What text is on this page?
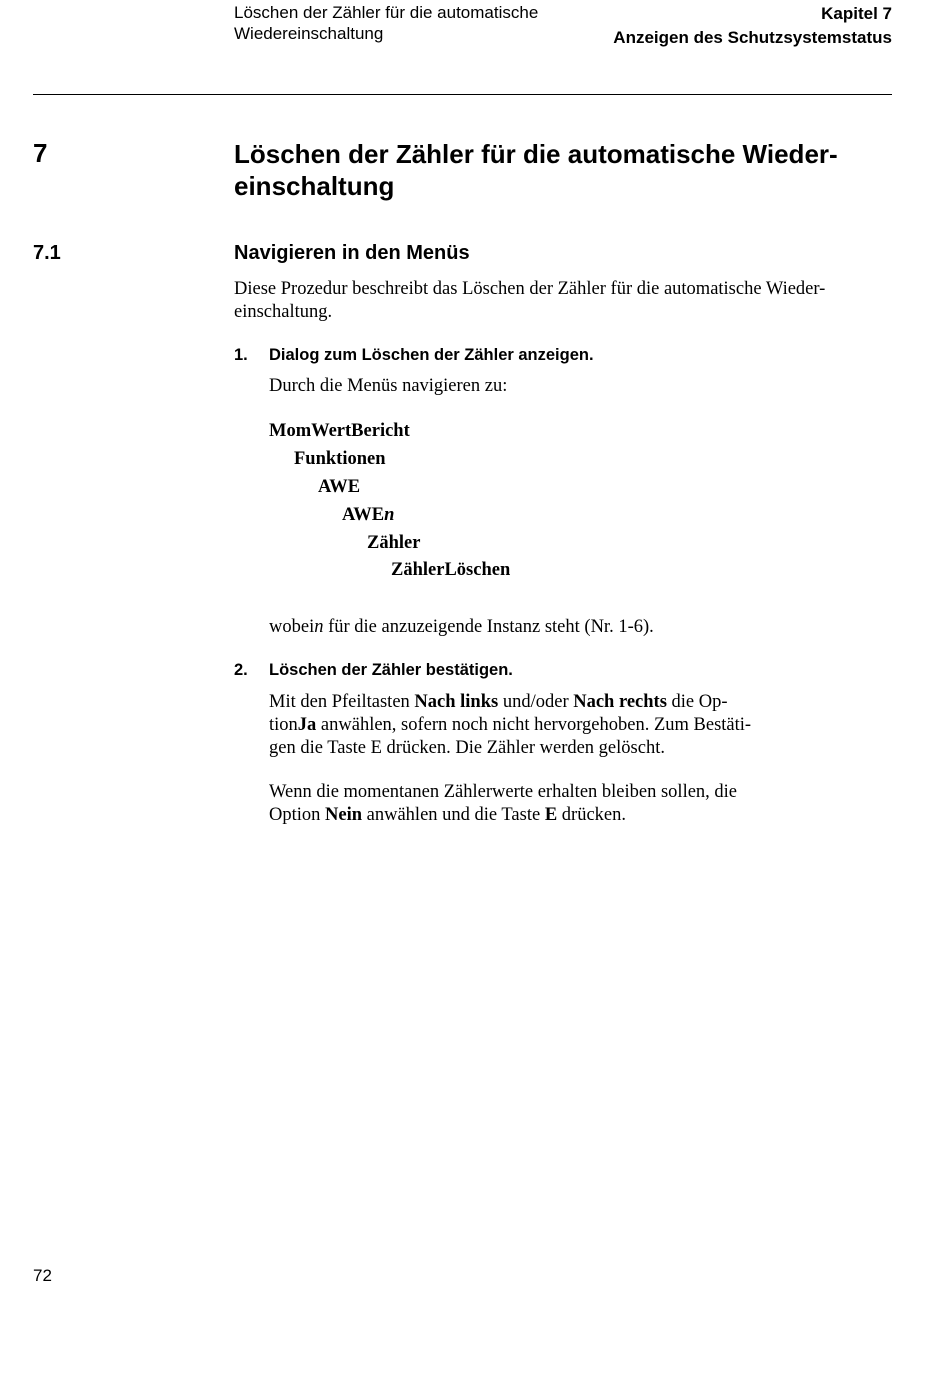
Löschen der Zähler für die automatische
Wiedereinschaltung
Kapitel 7
Anzeigen des Schutzsystemstatus
7	Löschen der Zähler für die automatische Wieder-
einschaltung
7.1	Navigieren in den Menüs
Diese Prozedur beschreibt das Löschen der Zähler für die automatische Wieder-
einschaltung.
1. Dialog zum Löschen der Zähler anzeigen.
Durch die Menüs navigieren zu:
MomWertBericht
Funktionen
AWE
AWEn
Zähler
ZählerLöschen
wobein für die anzuzeigende Instanz steht (Nr. 1-6).
2. Löschen der Zähler bestätigen.
Mit den Pfeiltasten Nach links und/oder Nach rechts die Op-
tionJa anwählen, sofern noch nicht hervorgehoben. Zum Bestäti-
gen die Taste E drücken. Die Zähler werden gelöscht.
Wenn die momentanen Zählerwerte erhalten bleiben sollen, die
Option Nein anwählen und die Taste E drücken.
72
